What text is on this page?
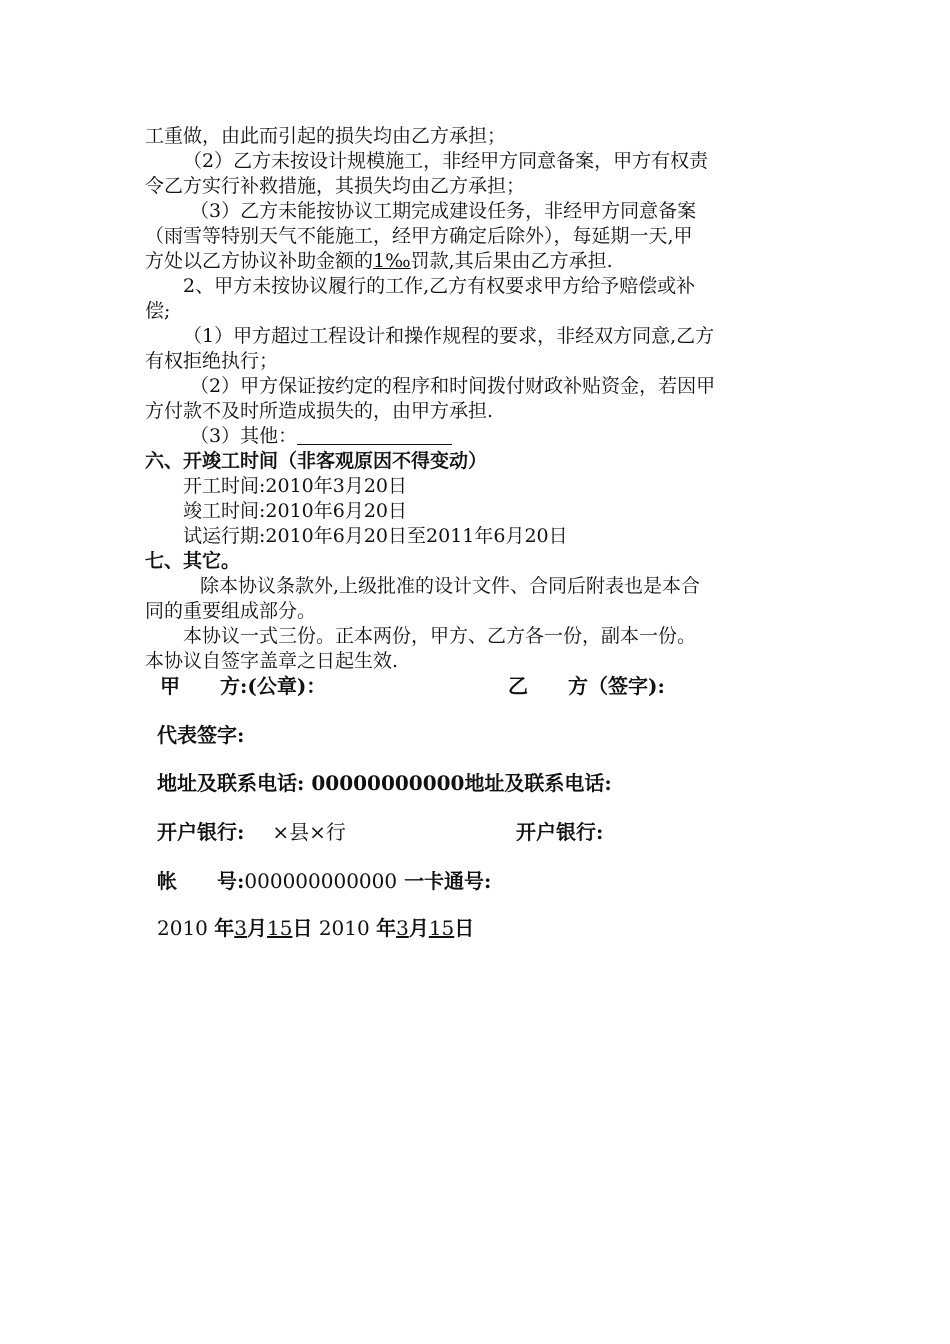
工重做，由此而引起的损失均由乙方承担；
（2）乙方未按设计规模施工，非经甲方同意备案，甲方有权责
令乙方实行补救措施，其损失均由乙方承担；
（3）乙方未能按协议工期完成建设任务，非经甲方同意备案
（雨雪等特别天气不能施工，经甲方确定后除外），每延期一天,甲
方处以乙方协议补助金额的1‰罚款,其后果由乙方承担.
2、甲方未按协议履行的工作,乙方有权要求甲方给予赔偿或补
偿;
（1）甲方超过工程设计和操作规程的要求，非经双方同意,乙方
有权拒绝执行；
（2）甲方保证按约定的程序和时间拨付财政补贴资金，若因甲
方付款不及时所造成损失的，由甲方承担.
（3）其他：
六、开竣工时间（非客观原因不得变动）
开工时间:2010年3月20日
竣工时间:2010年6月20日
试运行期:2010年6月20日至2011年6月20日
七、其它。
除本协议条款外,上级批准的设计文件、合同后附表也是本合
同的重要组成部分。
本协议一式三份。正本两份，甲方、乙方各一份，副本一份。
本协议自签字盖章之日起生效.
甲　　方:(公章)：	乙　　方（签字):
代表签字:
地址及联系电话: 00000000000地址及联系电话:
开户银行: ×县×行	开户银行:
帐　　号:000000000000 一卡通号:
2010 年3月15日 2010 年3月15日
